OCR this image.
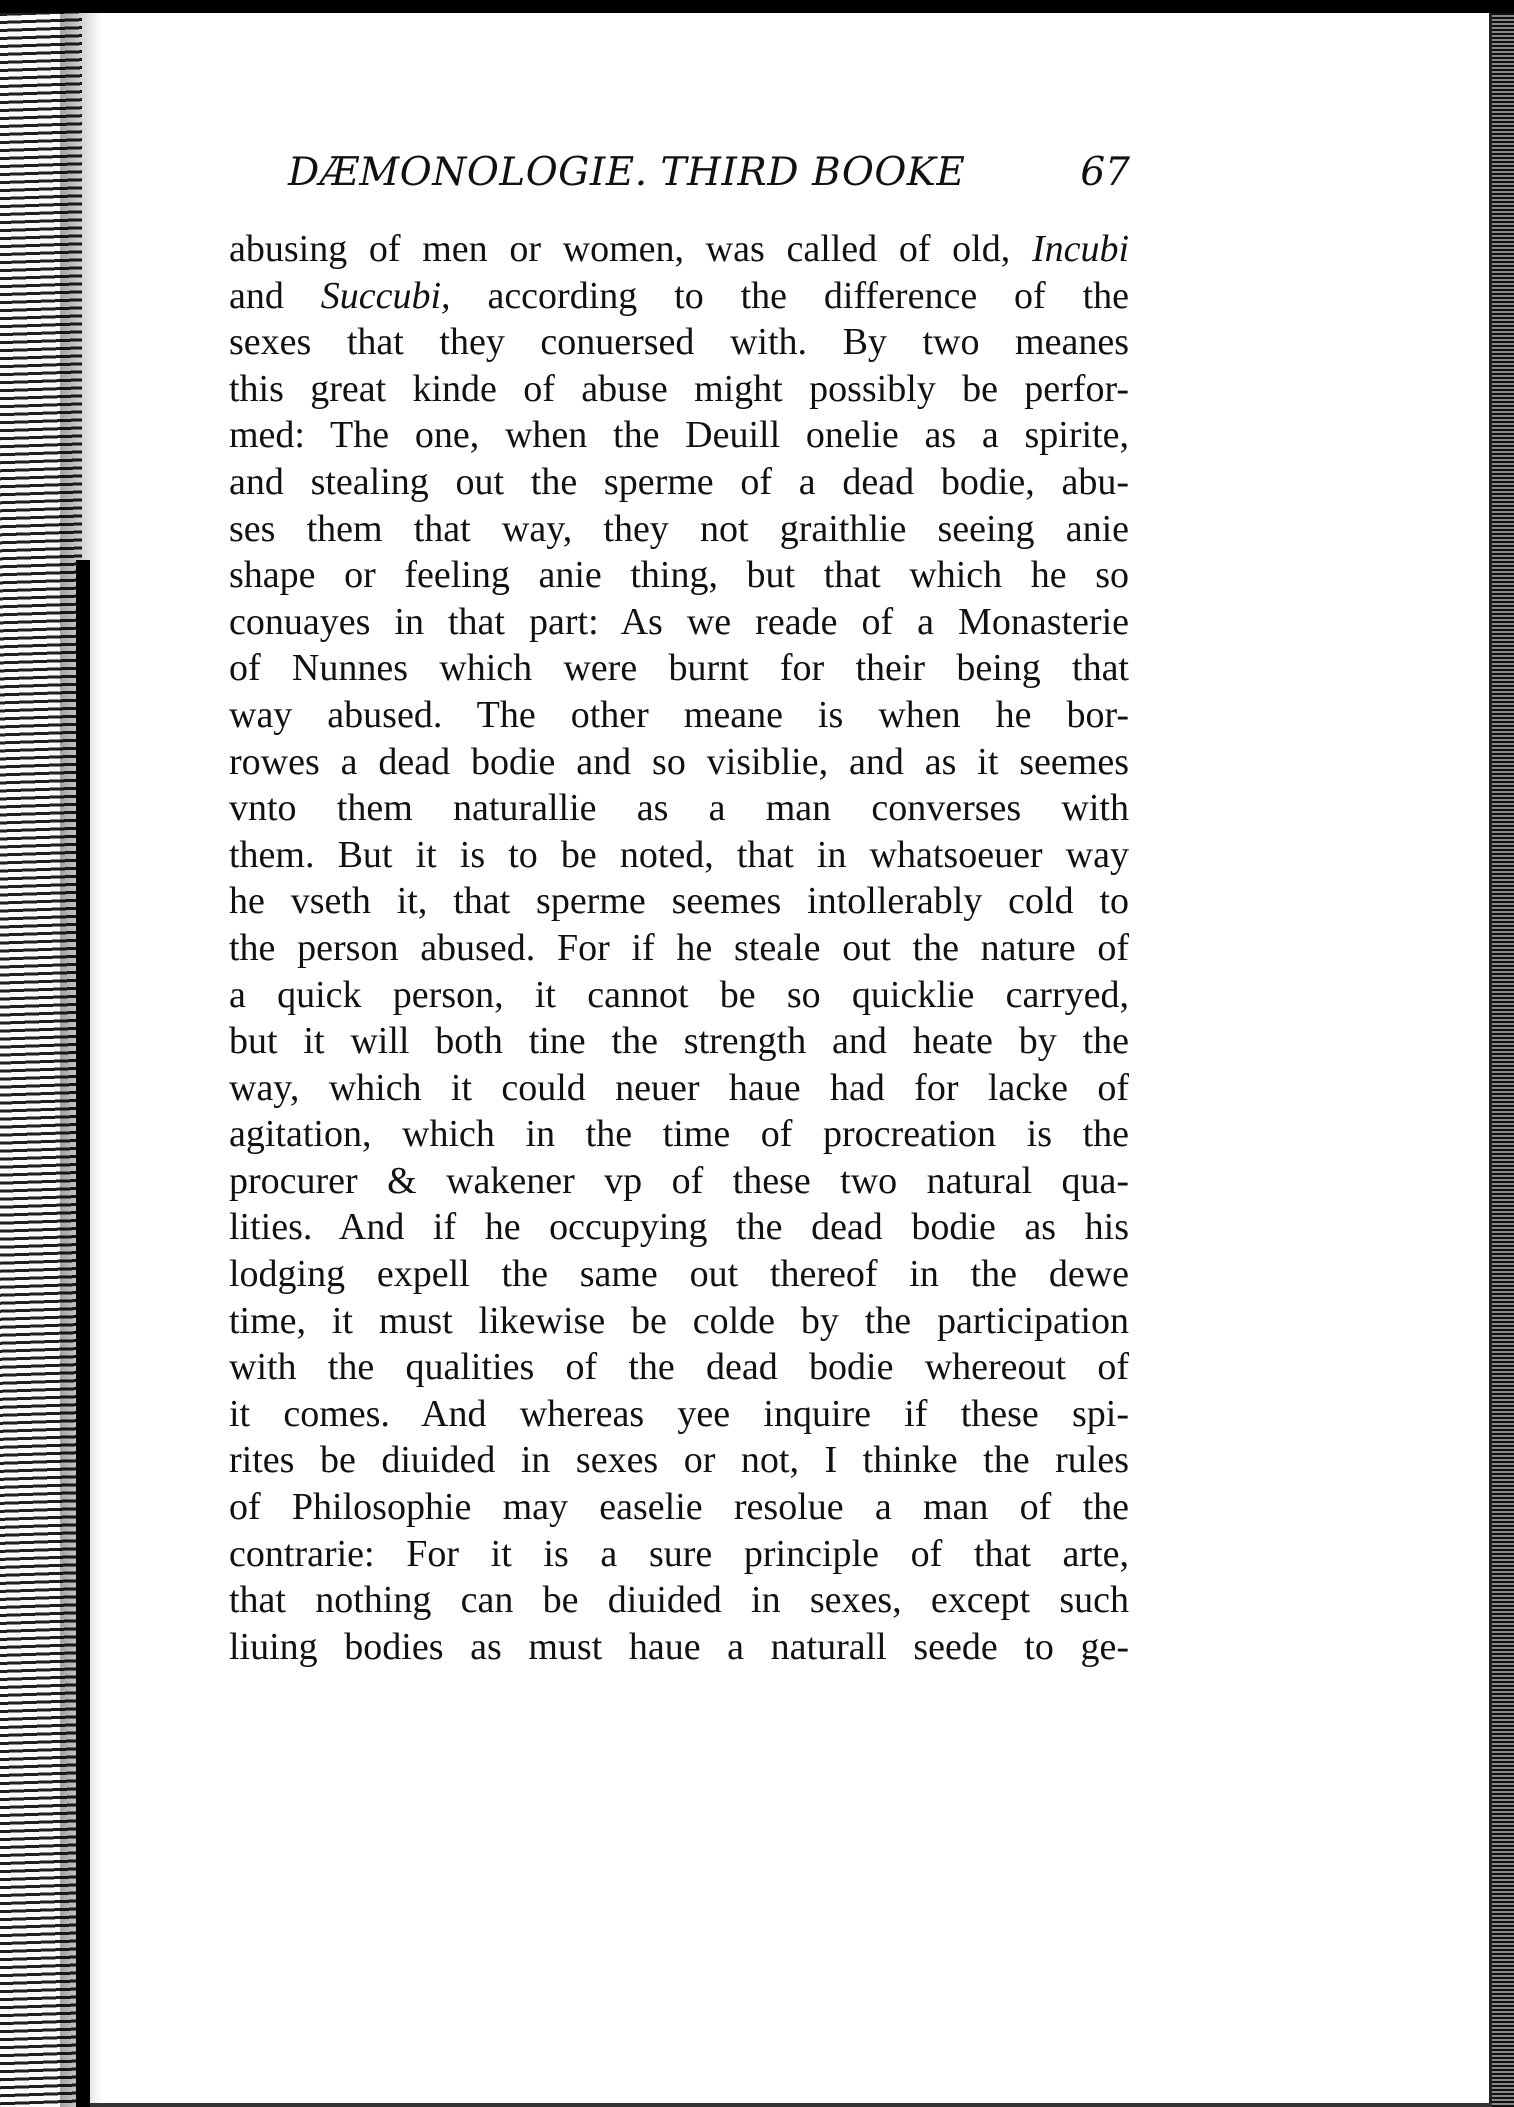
DÆMONOLOGIE. THIRD BOOKE	67
abusing of men or women, was called of old, Incubi
and Succubi, according to the difference of the
sexes that they conuersed with. By two meanes
this great kinde of abuse might possibly be perfor-
med: The one, when the Deuill onelie as a spirite,
and stealing out the sperme of a dead bodie, abu-
ses them that way, they not graithlie seeing anie
shape or feeling anie thing, but that which he so
conuayes in that part: As we reade of a Monasterie
of Nunnes which were burnt for their being that
way abused. The other meane is when he bor-
rowes a dead bodie and so visiblie, and as it seemes
vnto them naturallie as a man converses with
them. But it is to be noted, that in whatsoeuer way
he vseth it, that sperme seemes intollerably cold to
the person abused. For if he steale out the nature of
a quick person, it cannot be so quicklie carryed,
but it will both tine the strength and heate by the
way, which it could neuer haue had for lacke of
agitation, which in the time of procreation is the
procurer & wakener vp of these two natural qua-
lities. And if he occupying the dead bodie as his
lodging expell the same out thereof in the dewe
time, it must likewise be colde by the participation
with the qualities of the dead bodie whereout of
it comes. And whereas yee inquire if these spi-
rites be diuided in sexes or not, I thinke the rules
of Philosophie may easelie resolue a man of the
contrarie: For it is a sure principle of that arte,
that nothing can be diuided in sexes, except such
liuing bodies as must haue a naturall seede to ge-
